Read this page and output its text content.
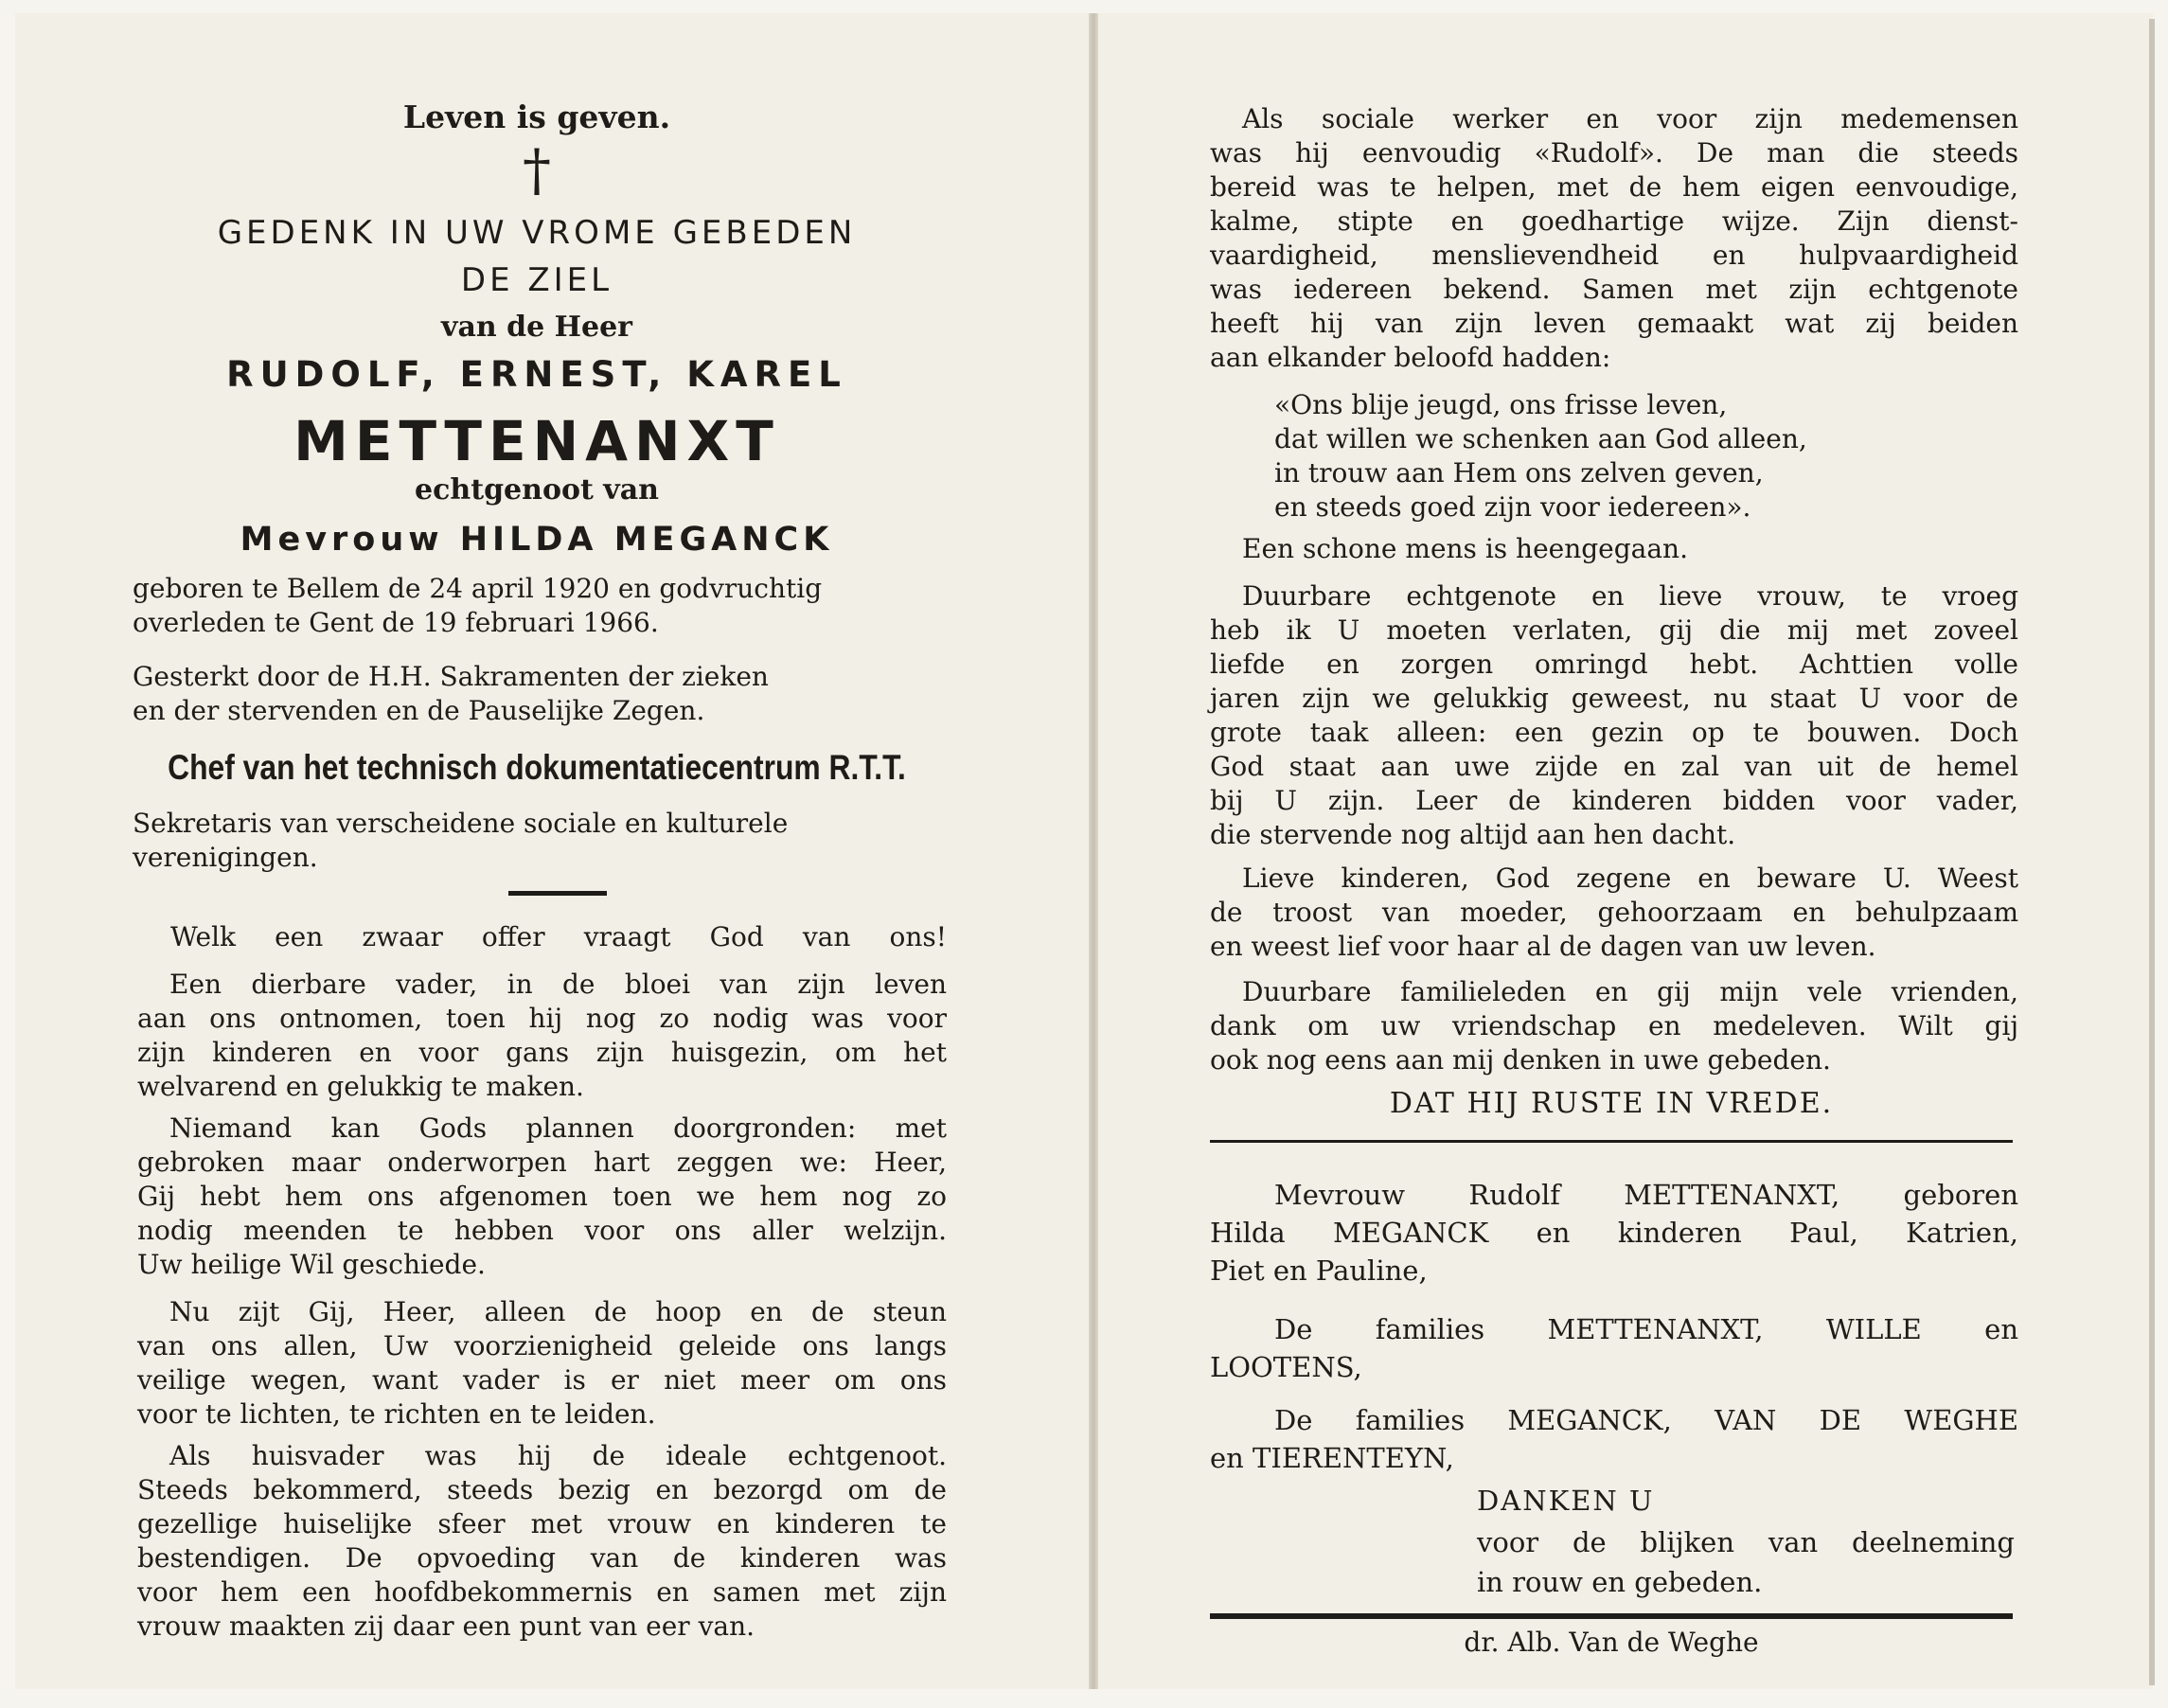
Leven is geven.
†
GEDENK IN UW VROME GEBEDEN
DE ZIEL
van de Heer
RUDOLF, ERNEST, KAREL
METTENANXT
echtgenoot van
Mevrouw HILDA MEGANCK
geboren te Bellem de 24 april 1920 en godvruchtig
overleden te Gent de 19 februari 1966.
Gesterkt door de H.H. Sakramenten der zieken
en der stervenden en de Pauselijke Zegen.
Chef van het technisch dokumentatiecentrum R.T.T.
Sekretaris van verscheidene sociale en kulturele
verenigingen.
Welk een zwaar offer vraagt God van ons!
Een dierbare vader, in de bloei van zijn leven
aan ons ontnomen, toen hij nog zo nodig was voor
zijn kinderen en voor gans zijn huisgezin, om het
welvarend en gelukkig te maken.
Niemand kan Gods plannen doorgronden: met
gebroken maar onderworpen hart zeggen we: Heer,
Gij hebt hem ons afgenomen toen we hem nog zo
nodig meenden te hebben voor ons aller welzijn.
Uw heilige Wil geschiede.
Nu zijt Gij, Heer, alleen de hoop en de steun
van ons allen, Uw voorzienigheid geleide ons langs
veilige wegen, want vader is er niet meer om ons
voor te lichten, te richten en te leiden.
Als huisvader was hij de ideale echtgenoot.
Steeds bekommerd, steeds bezig en bezorgd om de
gezellige huiselijke sfeer met vrouw en kinderen te
bestendigen. De opvoeding van de kinderen was
voor hem een hoofdbekommernis en samen met zijn
vrouw maakten zij daar een punt van eer van.
Als sociale werker en voor zijn medemensen
was hij eenvoudig «Rudolf». De man die steeds
bereid was te helpen, met de hem eigen eenvoudige,
kalme, stipte en goedhartige wijze. Zijn dienst-
vaardigheid, menslievendheid en hulpvaardigheid
was iedereen bekend. Samen met zijn echtgenote
heeft hij van zijn leven gemaakt wat zij beiden
aan elkander beloofd hadden:
«Ons blije jeugd, ons frisse leven,
dat willen we schenken aan God alleen,
in trouw aan Hem ons zelven geven,
en steeds goed zijn voor iedereen».
Een schone mens is heengegaan.
Duurbare echtgenote en lieve vrouw, te vroeg
heb ik U moeten verlaten, gij die mij met zoveel
liefde en zorgen omringd hebt. Achttien volle
jaren zijn we gelukkig geweest, nu staat U voor de
grote taak alleen: een gezin op te bouwen. Doch
God staat aan uwe zijde en zal van uit de hemel
bij U zijn. Leer de kinderen bidden voor vader,
die stervende nog altijd aan hen dacht.
Lieve kinderen, God zegene en beware U. Weest
de troost van moeder, gehoorzaam en behulpzaam
en weest lief voor haar al de dagen van uw leven.
Duurbare familieleden en gij mijn vele vrienden,
dank om uw vriendschap en medeleven. Wilt gij
ook nog eens aan mij denken in uwe gebeden.
DAT HIJ RUSTE IN VREDE.
Mevrouw Rudolf METTENANXT, geboren
Hilda MEGANCK en kinderen Paul, Katrien,
Piet en Pauline,
De families METTENANXT, WILLE en
LOOTENS,
De families MEGANCK, VAN DE WEGHE
en TIERENTEYN,
DANKEN U
voor de blijken van deelneming
in rouw en gebeden.
dr. Alb. Van de Weghe
